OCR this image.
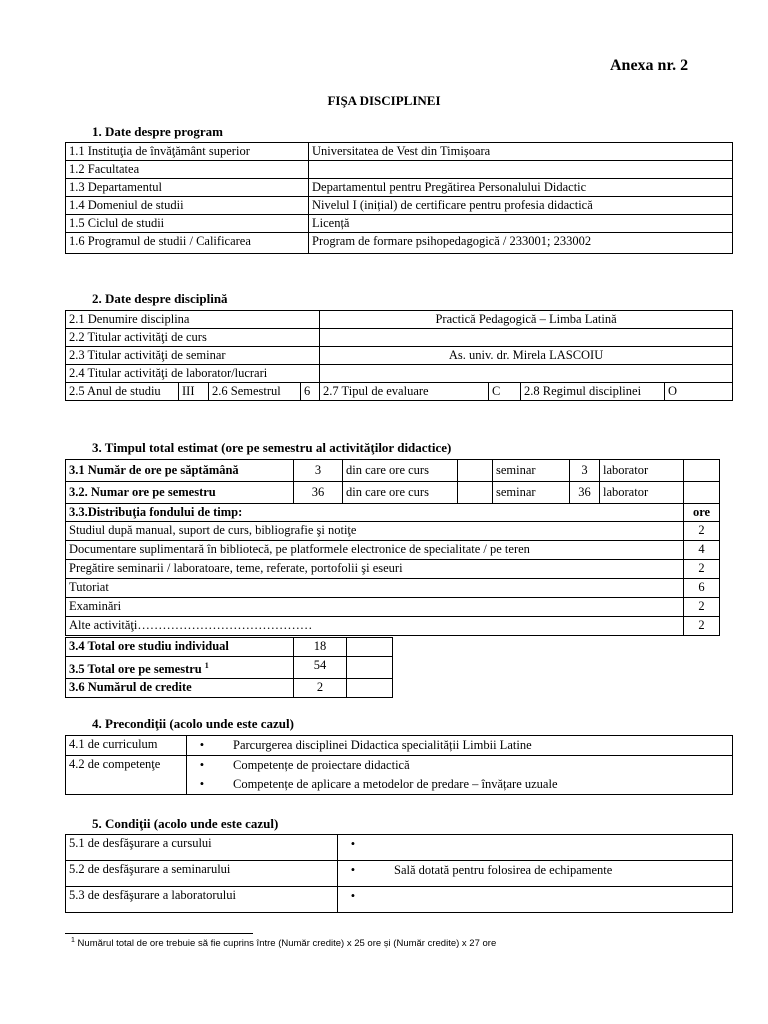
Anexa nr. 2
FIŞA DISCIPLINEI
1. Date despre program
1.1 Instituţia de învăţământ superior	Universitatea de Vest din Timișoara
1.2 Facultatea	
1.3 Departamentul	Departamentul pentru Pregătirea Personalului Didactic
1.4 Domeniul de studii	Nivelul I (inițial) de certificare pentru profesia didactică
1.5 Ciclul de studii	Licență
1.6 Programul de studii / Calificarea	Program de formare psihopedagogică / 233001; 233002
2. Date despre disciplină
2.1 Denumire disciplina				Practică Pedagogică – Limba Latină			
2.2 Titular activităţi de curs							
2.3 Titular activităţi de seminar				As. univ. dr. Mirela LASCOIU			
2.4 Titular activităţi de laborator/lucrari							
2.5 Anul de studiu	III	2.6 Semestrul	6	2.7 Tipul de evaluare	C	2.8 Regimul disciplinei	O
3. Timpul total estimat (ore pe semestru al activităţilor didactice)
3.1 Număr de ore pe săptămână	3	din care ore curs		seminar	3	laborator	
3.2. Numar ore pe semestru	36	din care ore curs		seminar	36	laborator	
3.3.Distribuţia fondului de timp:							ore
Studiul după manual, suport de curs, bibliografie şi notiţe							2
Documentare suplimentară în bibliotecă, pe platformele electronice de specialitate / pe teren							4
Pregătire seminarii / laboratoare, teme, referate, portofolii şi eseuri							2
Tutoriat							6
Examinări							2
Alte activităţi……………………………………							2
3.4 Total ore studiu individual	18	
3.5 Total ore pe semestru $^1$	54	
3.6 Numărul de credite	2	
4. Precondiţii (acolo unde este cazul)
4.1 de curriculum	• Parcurgerea disciplinei Didactica specialității Limbii Latine

4.2 de competenţe	• Competențe de proiectare didactică
• Competențe de aplicare a metodelor de predare – învățare uzuale
5. Condiţii (acolo unde este cazul)
5.1 de desfăşurare a cursului	•

5.2 de desfăşurare a seminarului	• Sală dotată pentru folosirea de echipamente

5.3 de desfăşurare a laboratorului	•
$^1$ Numărul total de ore trebuie să fie cuprins între (Număr credite) x 25 ore și (Număr credite) x 27 ore
